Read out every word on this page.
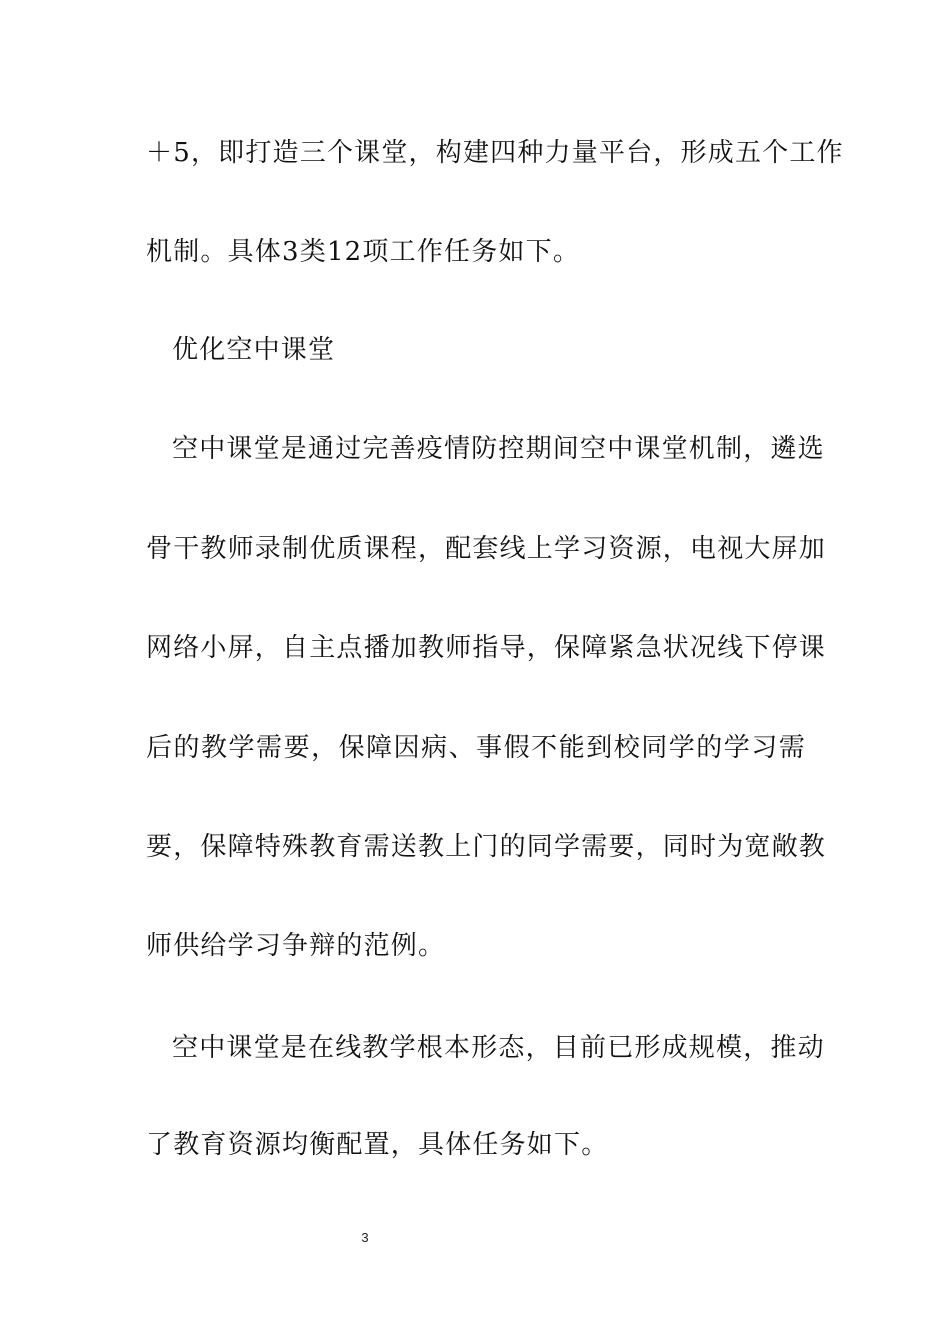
＋5，即打造三个课堂，构建四种力量平台，形成五个工作
机制。具体3类12项工作任务如下。
优化空中课堂
空中课堂是通过完善疫情防控期间空中课堂机制，遴选
骨干教师录制优质课程，配套线上学习资源，电视大屏加
网络小屏，自主点播加教师指导，保障紧急状况线下停课
后的教学需要，保障因病、事假不能到校同学的学习需
要，保障特殊教育需送教上门的同学需要，同时为宽敞教
师供给学习争辩的范例。
空中课堂是在线教学根本形态，目前已形成规模，推动
了教育资源均衡配置，具体任务如下。
3
